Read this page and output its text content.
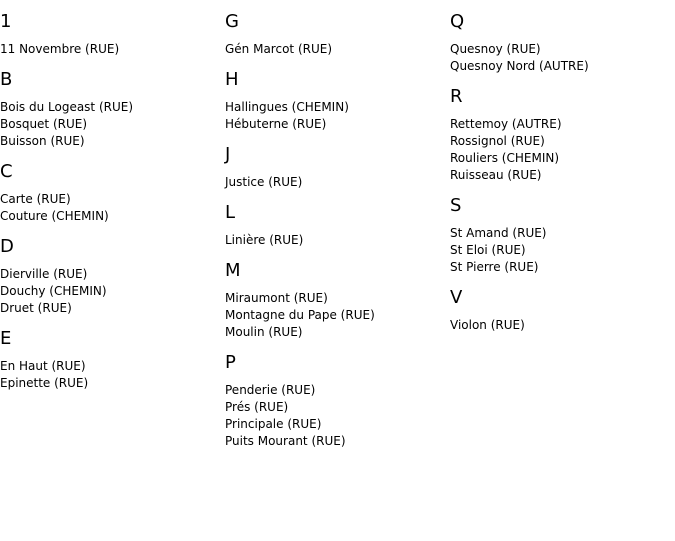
1
11 Novembre (RUE)
B
Bois du Logeast (RUE)
Bosquet (RUE)
Buisson (RUE)
C
Carte (RUE)
Couture (CHEMIN)
D
Dierville (RUE)
Douchy (CHEMIN)
Druet (RUE)
E
En Haut (RUE)
Epinette (RUE)
G
Gén Marcot (RUE)
H
Hallingues (CHEMIN)
Hébuterne (RUE)
J
Justice (RUE)
L
Linière (RUE)
M
Miraumont (RUE)
Montagne du Pape (RUE)
Moulin (RUE)
P
Penderie (RUE)
Prés (RUE)
Principale (RUE)
Puits Mourant (RUE)
Q
Quesnoy (RUE)
Quesnoy Nord (AUTRE)
R
Rettemoy (AUTRE)
Rossignol (RUE)
Rouliers (CHEMIN)
Ruisseau (RUE)
S
St Amand (RUE)
St Eloi (RUE)
St Pierre (RUE)
V
Violon (RUE)
